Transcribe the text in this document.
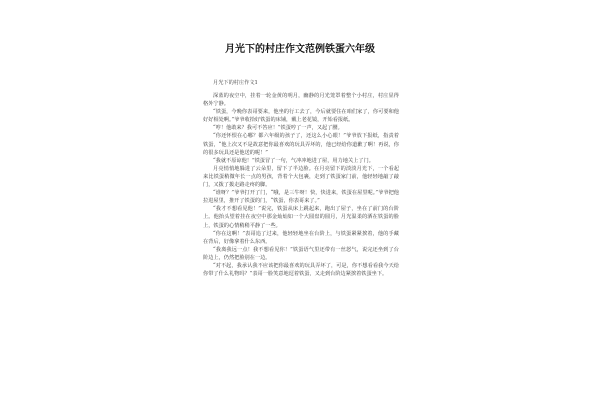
月光下的村庄作文范例铁蛋六年级
月光下的村庄作文1

深蓝的夜空中，挂着一轮金黄的明月，幽静的月光笼罩着整个小村庄，村庄显得格外宁静。

“铁蛋，今晚你表哥要来，他坐的行工去了，今后就要住在咱们家了，你可要和他好好相处啊。”爷爷收拾好铁蛋的床铺，戴上老花镜，开始看报纸。

“哼！他敢来？我可不答应！”铁蛋哼了一声，又起了腰。

“你还怀恨在心哪？都六年级的孩子了，还这么小心眼！”爷爷放下报纸，指责着铁蛋，“他上次又不是故意把你最喜欢的玩具弄坏的，他已经给你道歉了啊！再说，你的很多玩具还是他送的呢！”

“我就不原谅他！”铁蛋冒了一句，气冲冲地进了屋，用力地关上了门。

月亮悄悄地躲进了云朵里，留下了半边脸。在月亮留下的淡淡月光下，一个看起来比铁蛋稍微年长一点的男孩，背着个大包裹，走到了铁蛋家门前，他轻轻地敲了敲门，又拨了拨走路走疼的脚。

“谁呀？”爷爷打开了门，“哦，是三牛呀！快，快进来，铁蛋在屋里呢。”爷爷把他拉进屋里，推开了铁蛋的门，“铁蛋，你表哥来了。”

“我才不想看见他！”说完，铁蛋从床上跳起来，跑出了屋子，坐在了前门的台阶上。他抬头望着挂在夜空中那金灿灿如一个大圆盘的圆月，月光温柔的洒在铁蛋的脸上，铁蛋的心情稍稍平静了一些。

“你在这啊！”表哥追了过来，他轻轻地坐在台阶上，与铁蛋紧紧挨着，他的手藏在背后，好像拿着什么东西。

“我离我远一点！我不想看见你！”铁蛋语气里还带有一丝怒气，说完还坐到了台阶边上，仍然把脸别在一边。

“对不起，我承认我不应该把你最喜欢的玩具弄坏了，可是，你不想看看我今天给你带了什么礼物吗？”表哥一脸笑意地逗着铁蛋，又走到台阶边紧挨着铁蛋坐下。
